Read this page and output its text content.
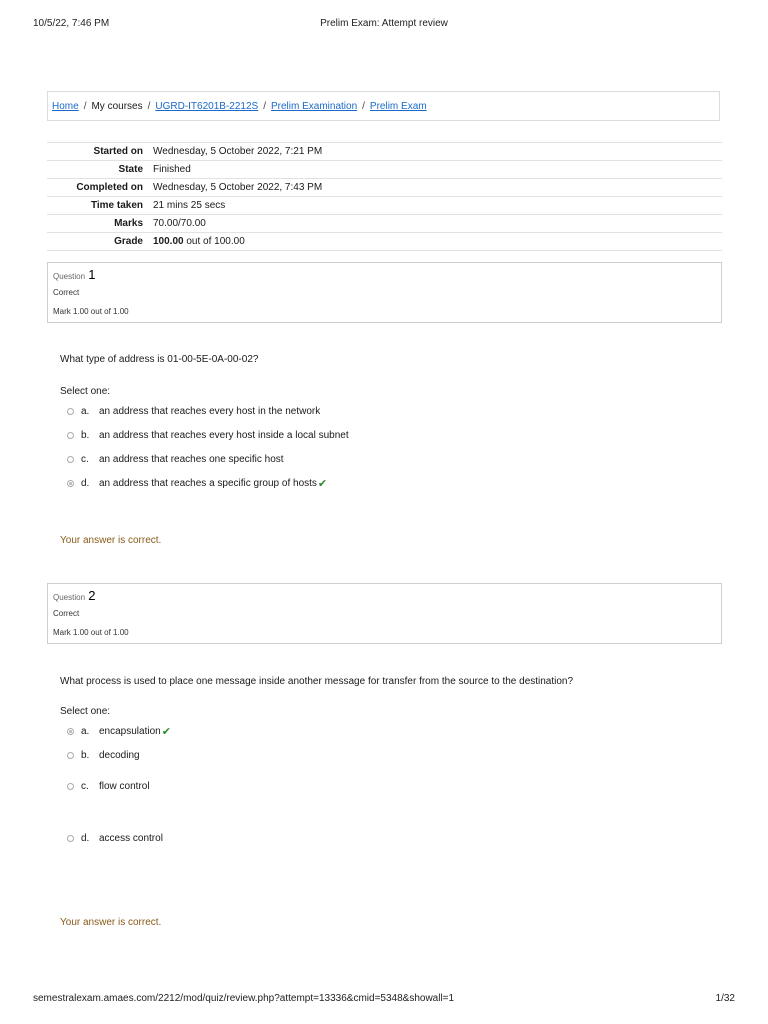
10/5/22, 7:46 PM	Prelim Exam: Attempt review
Home / My courses / UGRD-IT6201B-2212S / Prelim Examination / Prelim Exam
Started on	Wednesday, 5 October 2022, 7:21 PM
State	Finished
Completed on	Wednesday, 5 October 2022, 7:43 PM
Time taken	21 mins 25 secs
Marks	70.00/70.00
Grade	100.00 out of 100.00
Question 1
Correct
Mark 1.00 out of 1.00
What type of address is 01-00-5E-0A-00-02?
Select one:
a. an address that reaches every host in the network
b. an address that reaches every host inside a local subnet
c.	an address that reaches one specific host
d. an address that reaches a specific group of hosts ✔
Your answer is correct.
Question 2
Correct
Mark 1.00 out of 1.00
What process is used to place one message inside another message for transfer from the source to the destination?
Select one:
a. encapsulation ✔
b. decoding
c.	flow control
d. access control
Your answer is correct.
semestralexam.amaes.com/2212/mod/quiz/review.php?attempt=13336&cmid=5348&showall=1	1/32
